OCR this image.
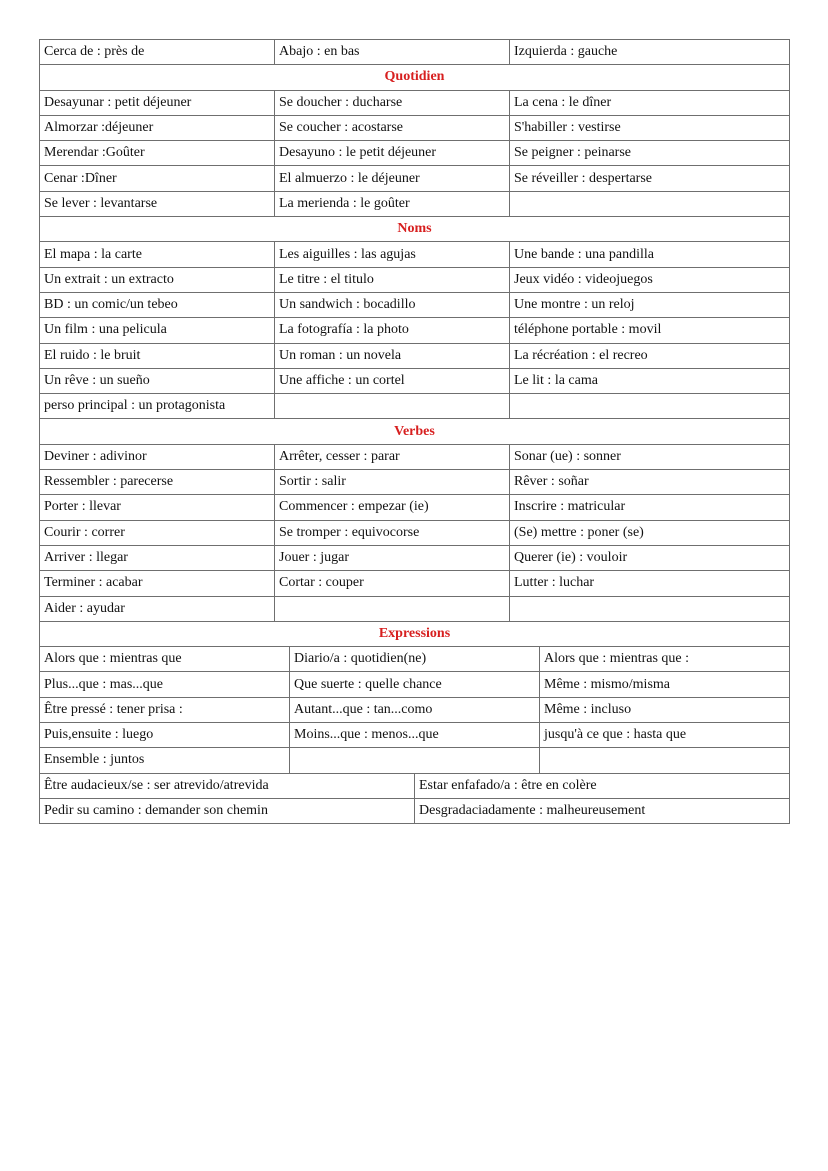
Cerca de : près de	Abajo : en bas	Izquierda : gauche
Quotidien		
Desayunar : petit déjeuner	Se doucher : ducharse	La cena : le dîner
Almorzar :déjeuner	Se coucher : acostarse	S'habiller : vestirse
Merendar :Goûter	Desayuno : le petit déjeuner	Se peigner : peinarse
Cenar :Dîner	El almuerzo : le déjeuner	Se réveiller : despertarse
Se lever : levantarse	La merienda : le goûter	
Noms		
El mapa : la carte	Les aiguilles : las agujas	Une bande : una pandilla
Un extrait : un extracto	Le titre : el titulo	Jeux vidéo : videojuegos
BD : un comic/un tebeo	Un sandwich : bocadillo	Une montre : un reloj
Un film : una pelicula	La fotografía : la photo	téléphone portable : movil
El ruido : le bruit	Un roman : un novela	La récréation : el recreo
Un rêve : un sueño	Une affiche : un cortel	Le lit : la cama
perso principal : un protagonista		
Verbes		
Deviner : adivinor	Arrêter, cesser : parar	Sonar (ue) : sonner
Ressembler : parecerse	Sortir : salir	Rêver : soñar
Porter : llevar	Commencer : empezar (ie)	Inscrire : matricular
Courir : correr	Se tromper : equivocorse	(Se) mettre : poner (se)
Arriver : llegar	Jouer : jugar	Querer (ie) : vouloir
Terminer : acabar	Cortar : couper	Lutter : luchar
Aider : ayudar		
Expressions			
Alors que : mientras que	Diario/a : quotidien(ne)		Alors que : mientras que :
Plus...que : mas...que	Que suerte : quelle chance		Même : mismo/misma
Être pressé : tener prisa :	Autant...que : tan...como		Même : incluso
Puis,ensuite : luego	Moins...que : menos...que		jusqu'à ce que : hasta que
Ensemble : juntos			
Être audacieux/se : ser atrevido/atrevida		Estar enfafado/a : être en colère	
Pedir su camino : demander son chemin		Desgradaciadamente : malheureusement	
